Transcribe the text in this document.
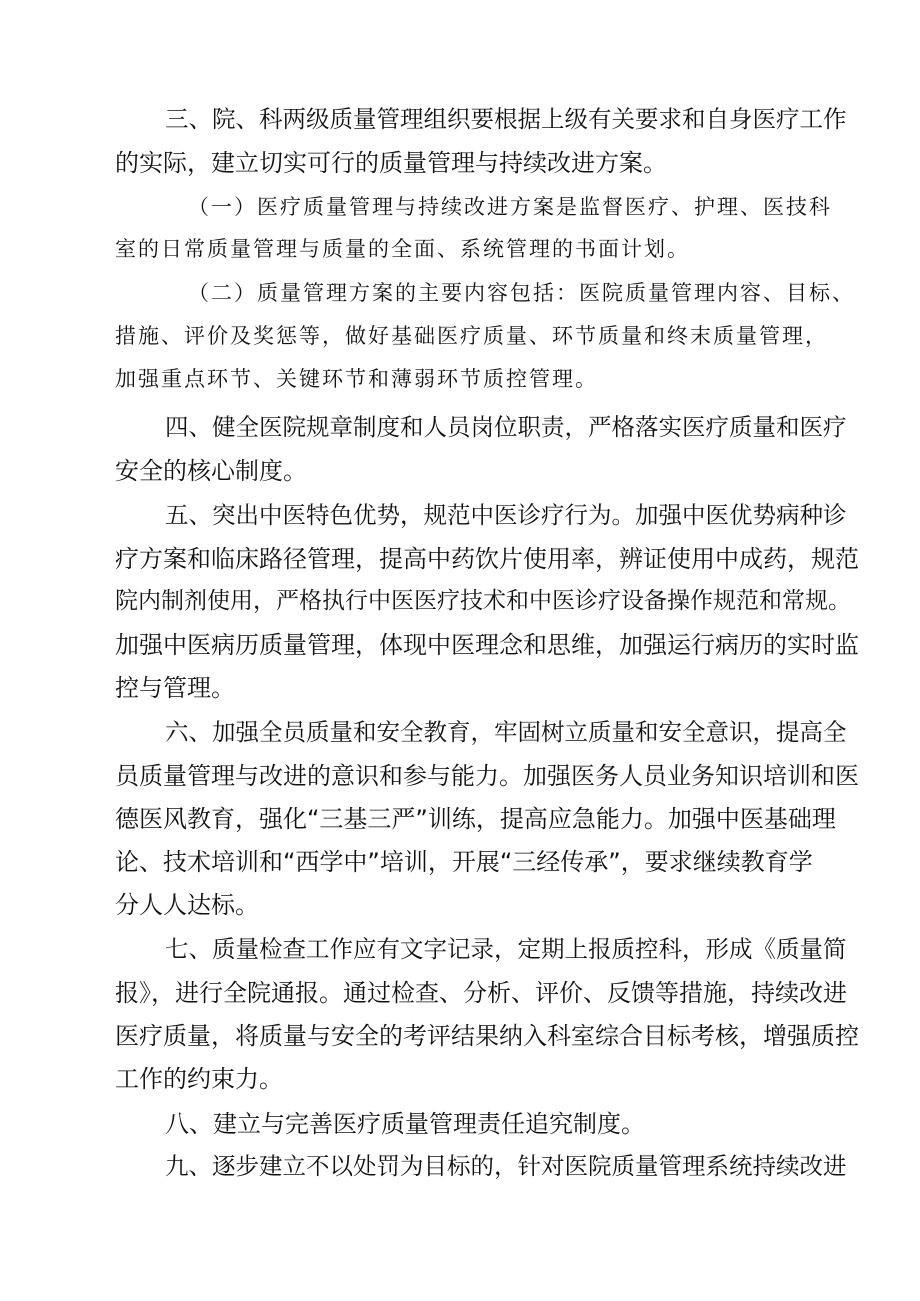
三、院、科两级质量管理组织要根据上级有关要求和自身医疗工作

的实际，建立切实可行的质量管理与持续改进方案。

（一）医疗质量管理与持续改进方案是监督医疗、护理、医技科

室的日常质量管理与质量的全面、系统管理的书面计划。

（二）质量管理方案的主要内容包括：医院质量管理内容、目标、

措施、评价及奖惩等，做好基础医疗质量、环节质量和终末质量管理，

加强重点环节、关键环节和薄弱环节质控管理。

四、健全医院规章制度和人员岗位职责，严格落实医疗质量和医疗

安全的核心制度。

五、突出中医特色优势，规范中医诊疗行为。加强中医优势病种诊

疗方案和临床路径管理，提高中药饮片使用率，辨证使用中成药，规范

院内制剂使用，严格执行中医医疗技术和中医诊疗设备操作规范和常规。

加强中医病历质量管理，体现中医理念和思维，加强运行病历的实时监

控与管理。

六、加强全员质量和安全教育，牢固树立质量和安全意识，提高全

员质量管理与改进的意识和参与能力。加强医务人员业务知识培训和医

德医风教育，强化“三基三严”训练，提高应急能力。加强中医基础理

论、技术培训和“西学中”培训，开展“三经传承”，要求继续教育学

分人人达标。

七、质量检查工作应有文字记录，定期上报质控科，形成《质量简

报》，进行全院通报。通过检查、分析、评价、反馈等措施，持续改进

医疗质量，将质量与安全的考评结果纳入科室综合目标考核，增强质控

工作的约束力。

八、建立与完善医疗质量管理责任追究制度。

九、逐步建立不以处罚为目标的，针对医院质量管理系统持续改进
